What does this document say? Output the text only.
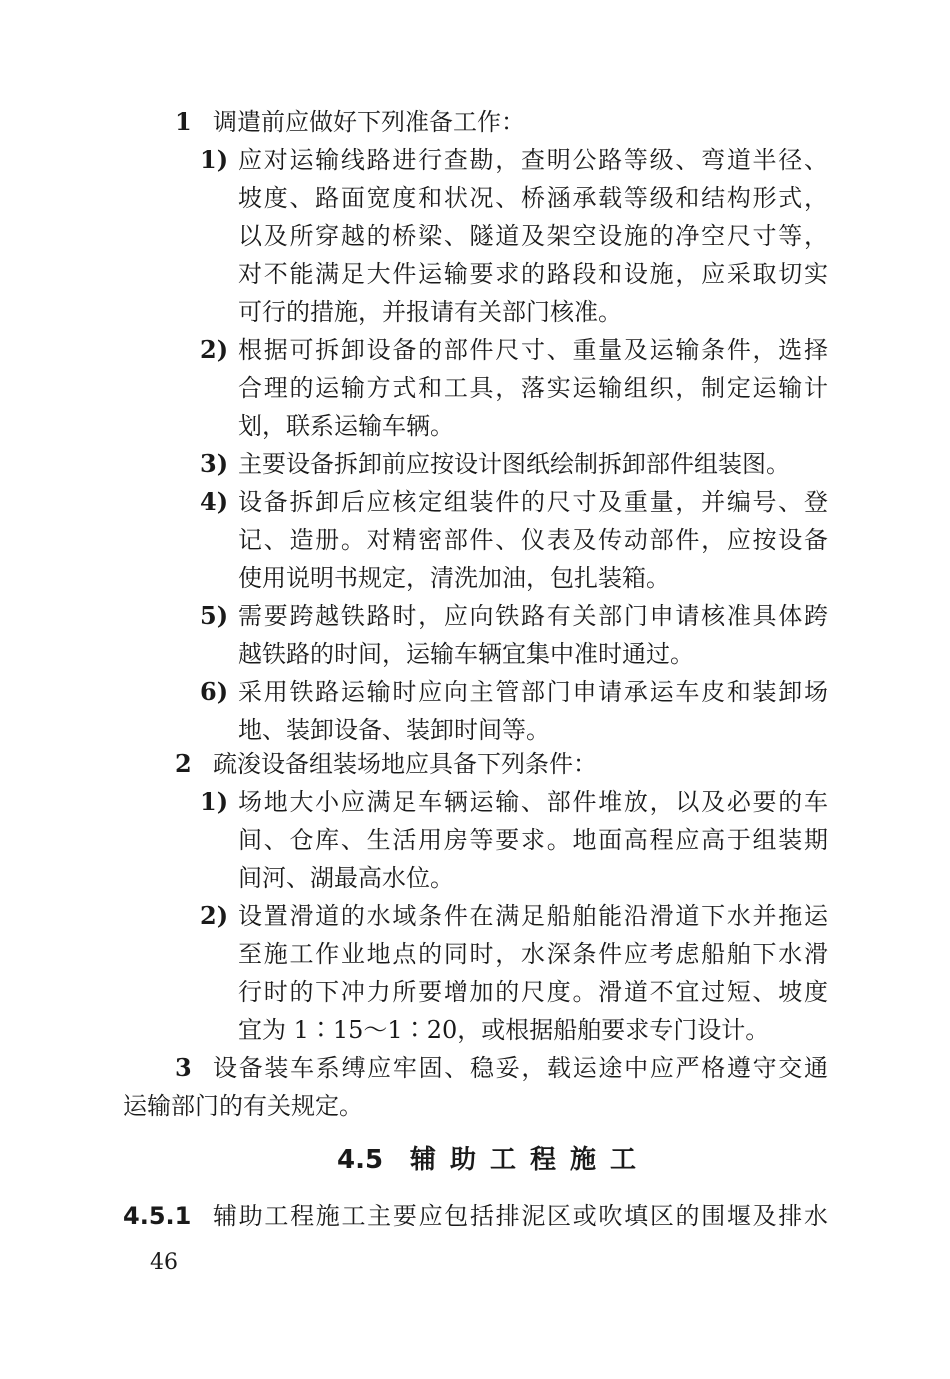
1 调遣前应做好下列准备工作：
1) 应对运输线路进行查勘，查明公路等级、弯道半径、
坡度、路面宽度和状况、桥涵承载等级和结构形式，
以及所穿越的桥梁、隧道及架空设施的净空尺寸等，
对不能满足大件运输要求的路段和设施，应采取切实
可行的措施，并报请有关部门核准。
2) 根据可拆卸设备的部件尺寸、重量及运输条件，选择
合理的运输方式和工具，落实运输组织，制定运输计
划，联系运输车辆。
3) 主要设备拆卸前应按设计图纸绘制拆卸部件组装图。
4) 设备拆卸后应核定组装件的尺寸及重量，并编号、登
记、造册。对精密部件、仪表及传动部件，应按设备
使用说明书规定，清洗加油，包扎装箱。
5) 需要跨越铁路时，应向铁路有关部门申请核准具体跨
越铁路的时间，运输车辆宜集中准时通过。
6) 采用铁路运输时应向主管部门申请承运车皮和装卸场
地、装卸设备、装卸时间等。
2 疏浚设备组装场地应具备下列条件：
1) 场地大小应满足车辆运输、部件堆放，以及必要的车
间、仓库、生活用房等要求。地面高程应高于组装期
间河、湖最高水位。
2) 设置滑道的水域条件在满足船舶能沿滑道下水并拖运
至施工作业地点的同时，水深条件应考虑船舶下水滑
行时的下冲力所要增加的尺度。滑道不宜过短、坡度
宜为 1∶15～1∶20，或根据船舶要求专门设计。
3 设备装车系缚应牢固、稳妥，载运途中应严格遵守交通
运输部门的有关规定。
4.5 辅助工程施工
4.5.1 辅助工程施工主要应包括排泥区或吹填区的围堰及排水
46
